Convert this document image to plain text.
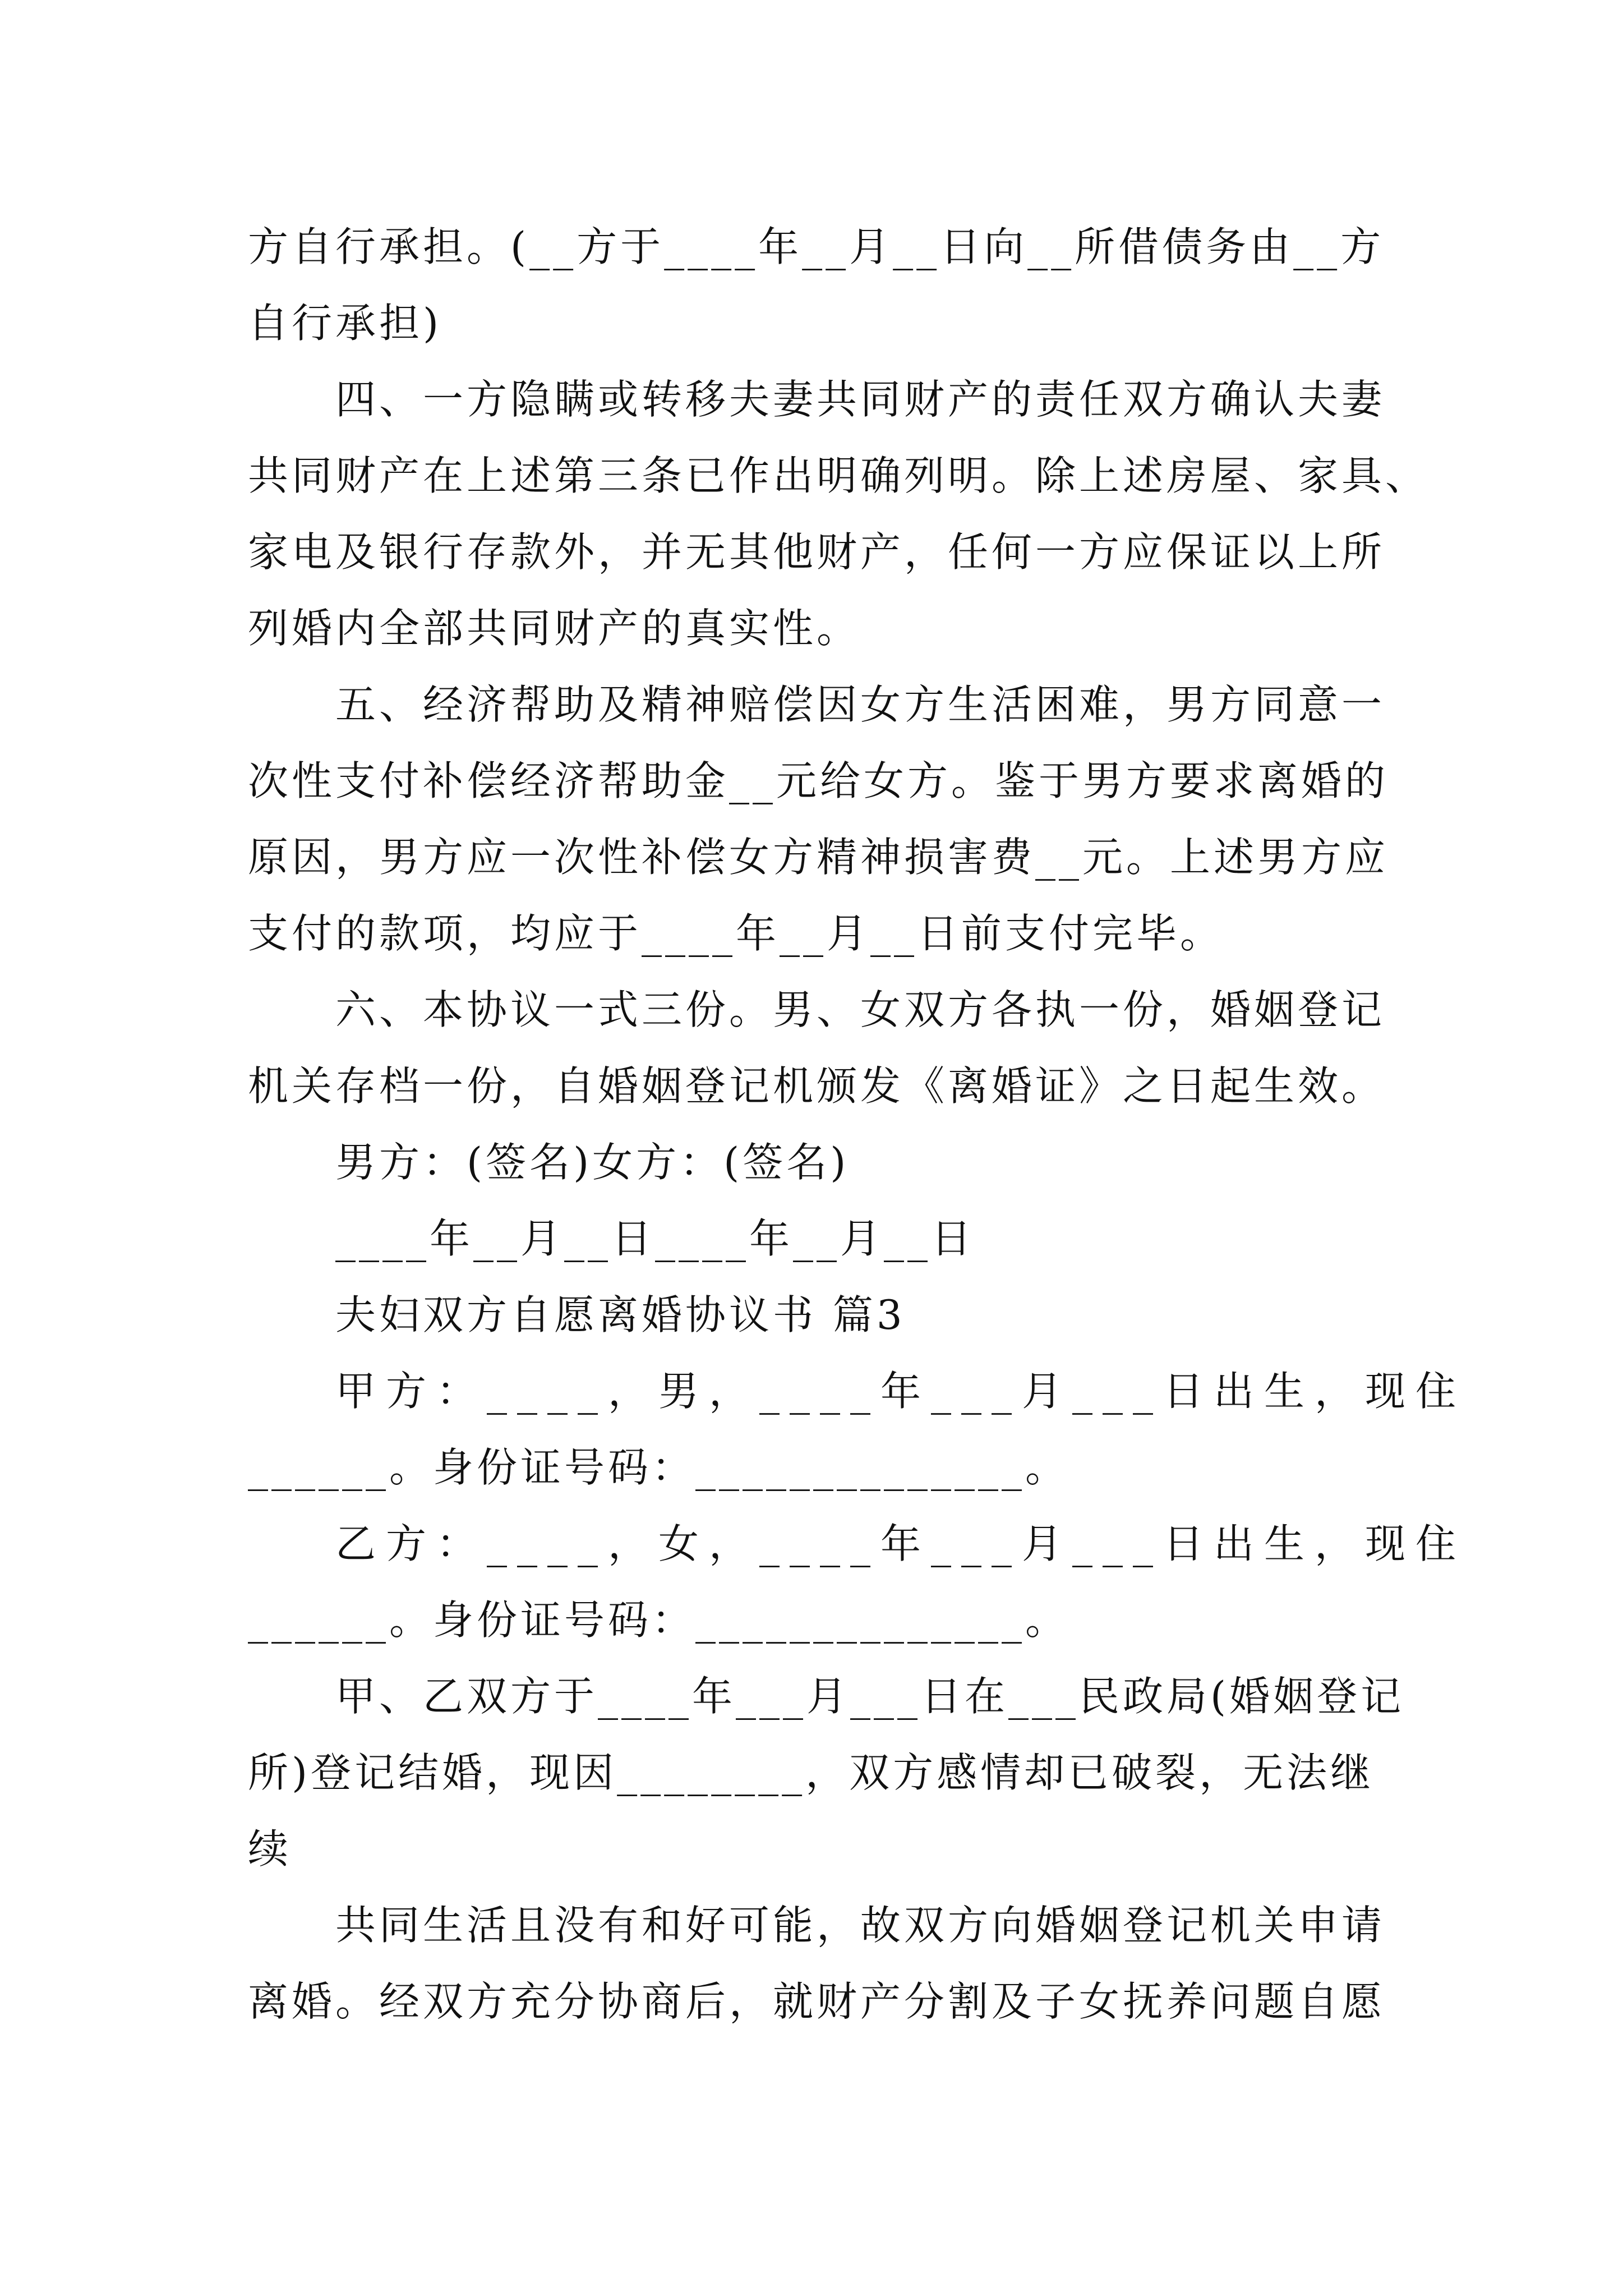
方自行承担。(__方于____年__月__日向__所借债务由__方
自行承担)
四、一方隐瞒或转移夫妻共同财产的责任双方确认夫妻
共同财产在上述第三条已作出明确列明。除上述房屋、家具、
家电及银行存款外，并无其他财产，任何一方应保证以上所
列婚内全部共同财产的真实性。
五、经济帮助及精神赔偿因女方生活困难，男方同意一
次性支付补偿经济帮助金__元给女方。鉴于男方要求离婚的
原因，男方应一次性补偿女方精神损害费__元。上述男方应
支付的款项，均应于____年__月__日前支付完毕。
六、本协议一式三份。男、女双方各执一份，婚姻登记
机关存档一份，自婚姻登记机颁发《离婚证》之日起生效。
男方：(签名)女方：(签名)
____年__月__日____年__月__日
夫妇双方自愿离婚协议书 篇3
甲方：____，男，____年___月___日出生，现住
______。身份证号码：______________。
乙方：____，女，____年___月___日出生，现住
______。身份证号码：______________。
甲、乙双方于____年___月___日在___民政局(婚姻登记
所)登记结婚，现因________，双方感情却已破裂，无法继
续
共同生活且没有和好可能，故双方向婚姻登记机关申请
离婚。经双方充分协商后，就财产分割及子女抚养问题自愿
